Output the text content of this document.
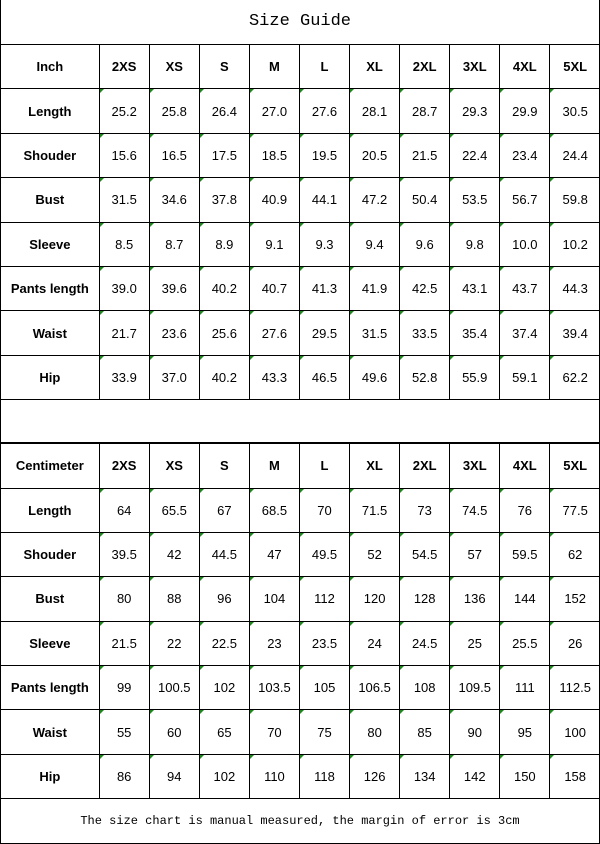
Size Guide
Inch	2XS	XS	S	M	L	XL	2XL	3XL	4XL	5XL
Length	25.2	25.8	26.4	27.0	27.6	28.1	28.7	29.3	29.9	30.5
Shouder	15.6	16.5	17.5	18.5	19.5	20.5	21.5	22.4	23.4	24.4
Bust	31.5	34.6	37.8	40.9	44.1	47.2	50.4	53.5	56.7	59.8
Sleeve	8.5	8.7	8.9	9.1	9.3	9.4	9.6	9.8	10.0	10.2
Pants length	39.0	39.6	40.2	40.7	41.3	41.9	42.5	43.1	43.7	44.3
Waist	21.7	23.6	25.6	27.6	29.5	31.5	33.5	35.4	37.4	39.4
Hip	33.9	37.0	40.2	43.3	46.5	49.6	52.8	55.9	59.1	62.2
Centimeter	2XS	XS	S	M	L	XL	2XL	3XL	4XL	5XL
Length	64	65.5	67	68.5	70	71.5	73	74.5	76	77.5
Shouder	39.5	42	44.5	47	49.5	52	54.5	57	59.5	62
Bust	80	88	96	104	112	120	128	136	144	152
Sleeve	21.5	22	22.5	23	23.5	24	24.5	25	25.5	26
Pants length	99	100.5	102	103.5	105	106.5	108	109.5	111	112.5
Waist	55	60	65	70	75	80	85	90	95	100
Hip	86	94	102	110	118	126	134	142	150	158
The size chart is manual measured, the margin of error is 3cm
